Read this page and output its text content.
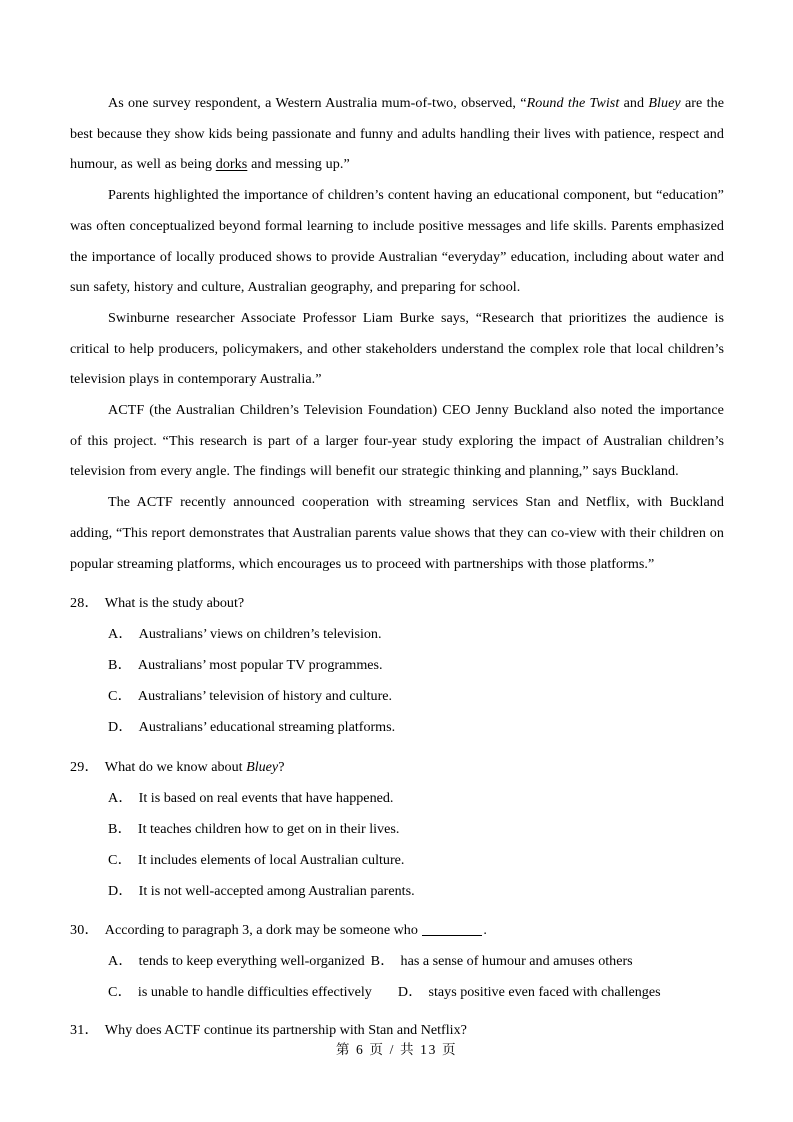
As one survey respondent, a Western Australia mum-of-two, observed, “Round the Twist and Bluey are the best because they show kids being passionate and funny and adults handling their lives with patience, respect and humour, as well as being dorks and messing up.”

Parents highlighted the importance of children’s content having an educational component, but “education” was often conceptualized beyond formal learning to include positive messages and life skills. Parents emphasized the importance of locally produced shows to provide Australian “everyday” education, including about water and sun safety, history and culture, Australian geography, and preparing for school.

Swinburne researcher Associate Professor Liam Burke says, “Research that prioritizes the audience is critical to help producers, policymakers, and other stakeholders understand the complex role that local children’s television plays in contemporary Australia.”

ACTF (the Australian Children’s Television Foundation) CEO Jenny Buckland also noted the importance of this project. “This research is part of a larger four-year study exploring the impact of Australian children’s television from every angle. The findings will benefit our strategic thinking and planning,” says Buckland.

The ACTF recently announced cooperation with streaming services Stan and Netflix, with Buckland adding, “This report demonstrates that Australian parents value shows that they can co-view with their children on popular streaming platforms, which encourages us to proceed with partnerships with those platforms.”

28． What is the study about?
A． Australians’ views on children’s television.
B． Australians’ most popular TV programmes.
C． Australians’ television of history and culture.
D． Australians’ educational streaming platforms.
29． What do we know about Bluey?
A． It is based on real events that have happened.
B． It teaches children how to get on in their lives.
C． It includes elements of local Australian culture.
D． It is not well-accepted among Australian parents.
30． According to paragraph 3, a dork may be someone who	.
A． tends to keep everything well-organized B． has a sense of humour and amuses others
C． is unable to handle difficulties effectively D． stays positive even faced with challenges
31． Why does ACTF continue its partnership with Stan and Netflix?
第 6 页 / 共 13 页
